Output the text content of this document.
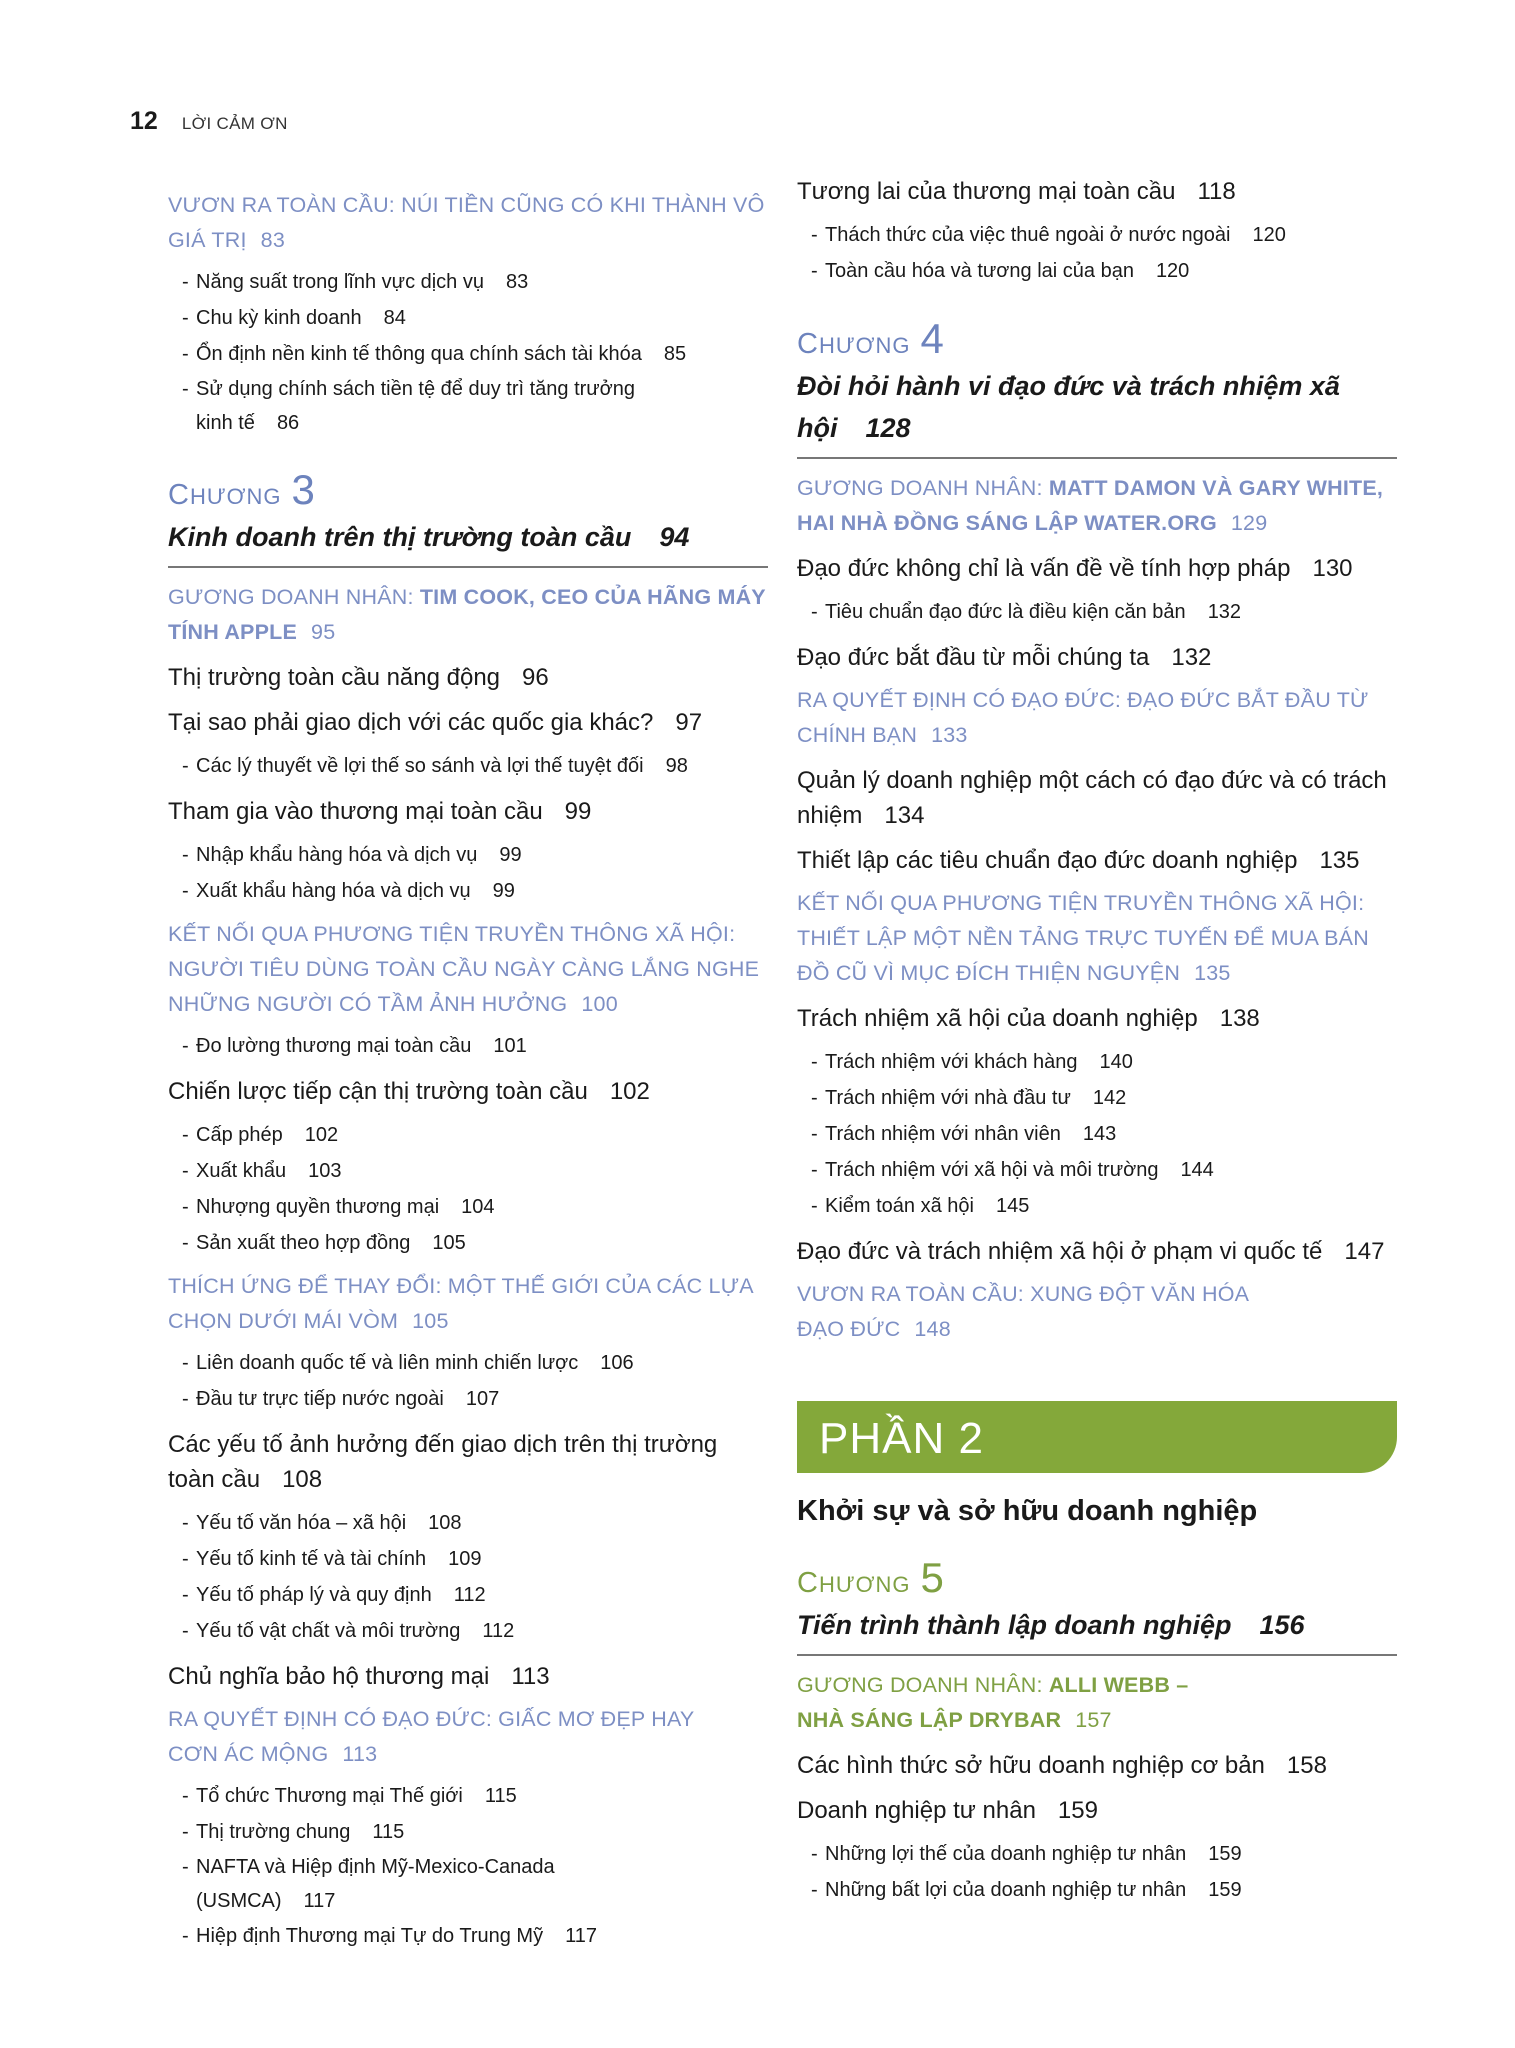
12 LỜI CẢM ƠN
VƯƠN RA TOÀN CẦU: NÚI TIỀN CŨNG CÓ KHI THÀNH VÔ GIÁ TRỊ 83
- Năng suất trong lĩnh vực dịch vụ 83
- Chu kỳ kinh doanh 84
- Ổn định nền kinh tế thông qua chính sách tài khóa 85
- Sử dụng chính sách tiền tệ để duy trì tăng trưởng kinh tế 86
CHƯƠNG 3
Kinh doanh trên thị trường toàn cầu 94
GƯƠNG DOANH NHÂN: TIM COOK, CEO CỦA HÃNG MÁY TÍNH APPLE 95
Thị trường toàn cầu năng động 96
Tại sao phải giao dịch với các quốc gia khác? 97
- Các lý thuyết về lợi thế so sánh và lợi thế tuyệt đối 98
Tham gia vào thương mại toàn cầu 99
- Nhập khẩu hàng hóa và dịch vụ 99
- Xuất khẩu hàng hóa và dịch vụ 99
KẾT NỐI QUA PHƯƠNG TIỆN TRUYỀN THÔNG XÃ HỘI: NGƯỜI TIÊU DÙNG TOÀN CẦU NGÀY CÀNG LẮNG NGHE NHỮNG NGƯỜI CÓ TẦM ẢNH HƯỞNG 100
- Đo lường thương mại toàn cầu 101
Chiến lược tiếp cận thị trường toàn cầu 102
- Cấp phép 102
- Xuất khẩu 103
- Nhượng quyền thương mại 104
- Sản xuất theo hợp đồng 105
THÍCH ỨNG ĐỂ THAY ĐỔI: MỘT THẾ GIỚI CỦA CÁC LỰA CHỌN DƯỚI MÁI VÒM 105
- Liên doanh quốc tế và liên minh chiến lược 106
- Đầu tư trực tiếp nước ngoài 107
Các yếu tố ảnh hưởng đến giao dịch trên thị trường toàn cầu 108
- Yếu tố văn hóa – xã hội 108
- Yếu tố kinh tế và tài chính 109
- Yếu tố pháp lý và quy định 112
- Yếu tố vật chất và môi trường 112
Chủ nghĩa bảo hộ thương mại 113
RA QUYẾT ĐỊNH CÓ ĐẠO ĐỨC: GIẤC MƠ ĐẸP HAY CƠN ÁC MỘNG 113
- Tổ chức Thương mại Thế giới 115
- Thị trường chung 115
- NAFTA và Hiệp định Mỹ-Mexico-Canada (USMCA) 117
- Hiệp định Thương mại Tự do Trung Mỹ 117
Tương lai của thương mại toàn cầu 118
- Thách thức của việc thuê ngoài ở nước ngoài 120
- Toàn cầu hóa và tương lai của bạn 120
CHƯƠNG 4
Đòi hỏi hành vi đạo đức và trách nhiệm xã hội 128
GƯƠNG DOANH NHÂN: MATT DAMON VÀ GARY WHITE, HAI NHÀ ĐỒNG SÁNG LẬP WATER.ORG 129
Đạo đức không chỉ là vấn đề về tính hợp pháp 130
- Tiêu chuẩn đạo đức là điều kiện căn bản 132
Đạo đức bắt đầu từ mỗi chúng ta 132
RA QUYẾT ĐỊNH CÓ ĐẠO ĐỨC: ĐẠO ĐỨC BẮT ĐẦU TỪ CHÍNH BẠN 133
Quản lý doanh nghiệp một cách có đạo đức và có trách nhiệm 134
Thiết lập các tiêu chuẩn đạo đức doanh nghiệp 135
KẾT NỐI QUA PHƯƠNG TIỆN TRUYỀN THÔNG XÃ HỘI: THIẾT LẬP MỘT NỀN TẢNG TRỰC TUYẾN ĐỂ MUA BÁN ĐỒ CŨ VÌ MỤC ĐÍCH THIỆN NGUYỆN 135
Trách nhiệm xã hội của doanh nghiệp 138
- Trách nhiệm với khách hàng 140
- Trách nhiệm với nhà đầu tư 142
- Trách nhiệm với nhân viên 143
- Trách nhiệm với xã hội và môi trường 144
- Kiểm toán xã hội 145
Đạo đức và trách nhiệm xã hội ở phạm vi quốc tế 147
VƯƠN RA TOÀN CẦU: XUNG ĐỘT VĂN HÓA ĐẠO ĐỨC 148
PHẦN 2
Khởi sự và sở hữu doanh nghiệp
CHƯƠNG 5
Tiến trình thành lập doanh nghiệp 156
GƯƠNG DOANH NHÂN: ALLI WEBB – NHÀ SÁNG LẬP DRYBAR 157
Các hình thức sở hữu doanh nghiệp cơ bản 158
Doanh nghiệp tư nhân 159
- Những lợi thế của doanh nghiệp tư nhân 159
- Những bất lợi của doanh nghiệp tư nhân 159
